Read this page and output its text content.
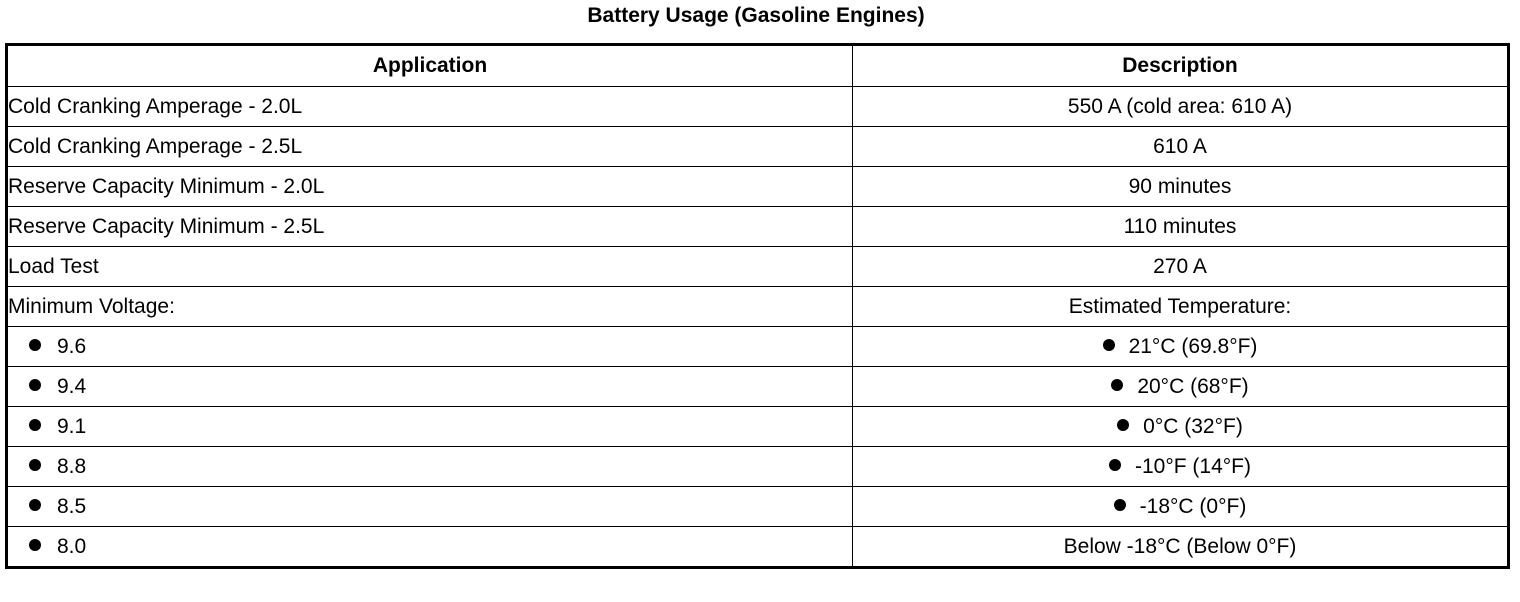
Battery Usage (Gasoline Engines)
Application	Description
Cold Cranking Amperage - 2.0L	550 A (cold area: 610 A)
Cold Cranking Amperage - 2.5L	610 A
Reserve Capacity Minimum - 2.0L	90 minutes
Reserve Capacity Minimum - 2.5L	110 minutes
Load Test	270 A
Minimum Voltage:	Estimated Temperature:
9.6	21°C (69.8°F)
9.4	20°C (68°F)
9.1	0°C (32°F)
8.8	-10°F (14°F)
8.5	-18°C (0°F)
8.0	Below -18°C (Below 0°F)
